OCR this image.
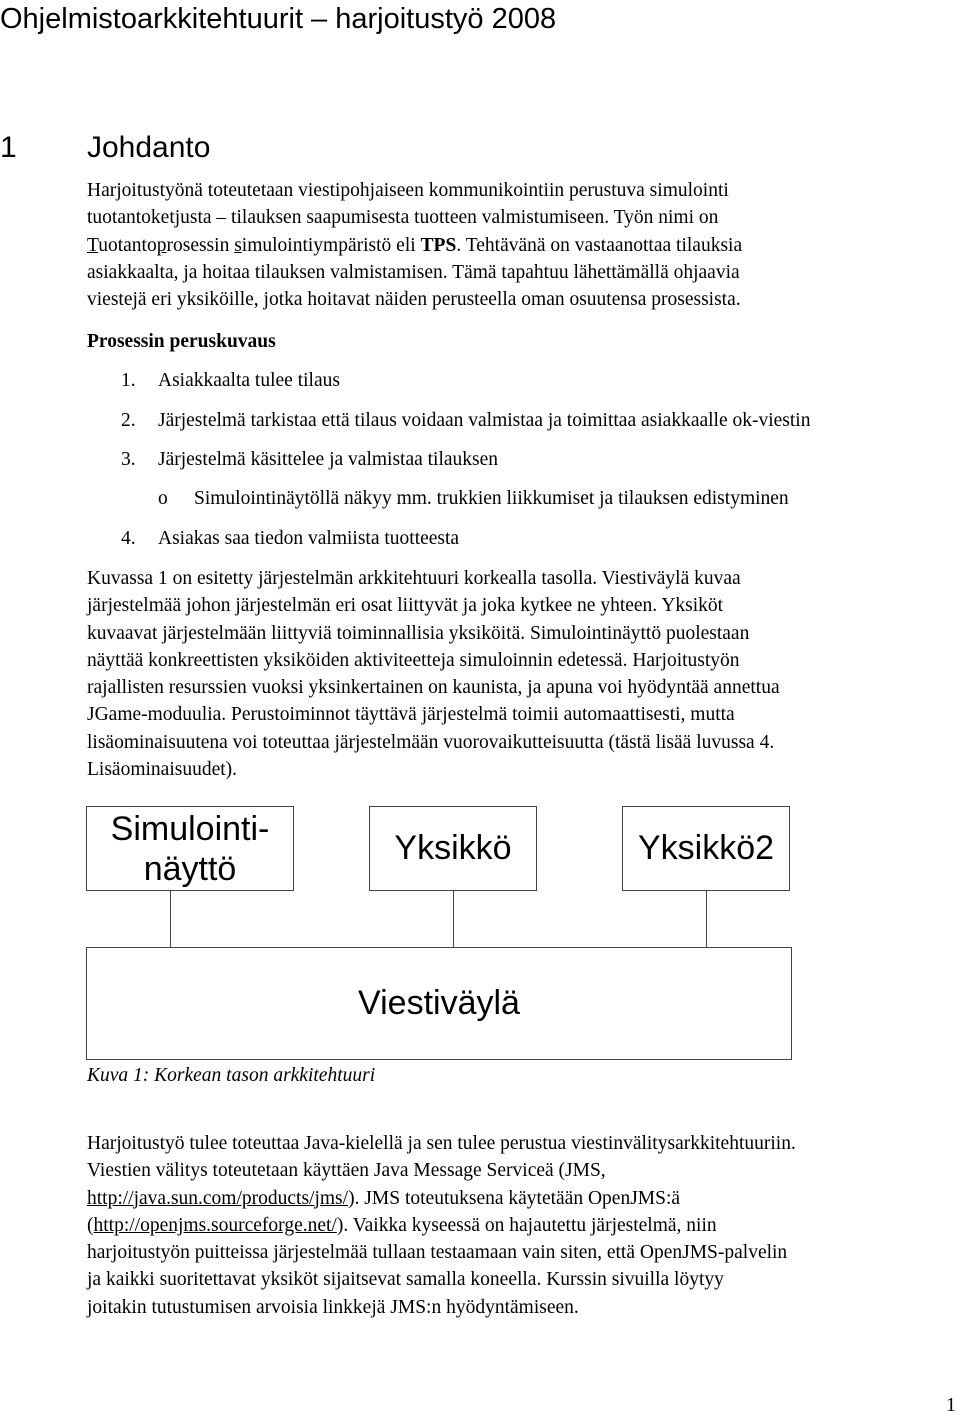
Ohjelmistoarkkitehtuurit – harjoitustyö 2008
1 Johdanto
Harjoitustyönä toteutetaan viestipohjaiseen kommunikointiin perustuva simulointi
tuotantoketjusta – tilauksen saapumisesta tuotteen valmistumiseen. Työn nimi on
Tuotantoprosessin simulointiympäristö eli TPS. Tehtävänä on vastaanottaa tilauksia
asiakkaalta, ja hoitaa tilauksen valmistamisen. Tämä tapahtuu lähettämällä ohjaavia
viestejä eri yksiköille, jotka hoitavat näiden perusteella oman osuutensa prosessista.
Prosessin peruskuvaus
1. Asiakkaalta tulee tilaus
2. Järjestelmä tarkistaa että tilaus voidaan valmistaa ja toimittaa asiakkaalle ok-viestin
3. Järjestelmä käsittelee ja valmistaa tilauksen
o Simulointinäytöllä näkyy mm. trukkien liikkumiset ja tilauksen edistyminen
4. Asiakas saa tiedon valmiista tuotteesta
Kuvassa 1 on esitetty järjestelmän arkkitehtuuri korkealla tasolla. Viestiväylä kuvaa
järjestelmää johon järjestelmän eri osat liittyvät ja joka kytkee ne yhteen. Yksiköt
kuvaavat järjestelmään liittyviä toiminnallisia yksiköitä. Simulointinäyttö puolestaan
näyttää konkreettisten yksiköiden aktiviteetteja simuloinnin edetessä. Harjoitustyön
rajallisten resurssien vuoksi yksinkertainen on kaunista, ja apuna voi hyödyntää annettua
JGame-moduulia. Perustoiminnot täyttävä järjestelmä toimii automaattisesti, mutta
lisäominaisuutena voi toteuttaa järjestelmään vuorovaikutteisuutta (tästä lisää luvussa 4.
Lisäominaisuudet).
Simulointi-
näyttö
Yksikkö	Yksikkö2
Viestiväylä
Kuva 1: Korkean tason arkkitehtuuri
Harjoitustyö tulee toteuttaa Java-kielellä ja sen tulee perustua viestinvälitysarkkitehtuuriin.
Viestien välitys toteutetaan käyttäen Java Message Serviceä (JMS,
http://java.sun.com/products/jms/). JMS toteutuksena käytetään OpenJMS:ä
(http://openjms.sourceforge.net/). Vaikka kyseessä on hajautettu järjestelmä, niin
harjoitustyön puitteissa järjestelmää tullaan testaamaan vain siten, että OpenJMS-palvelin
ja kaikki suoritettavat yksiköt sijaitsevat samalla koneella. Kurssin sivuilla löytyy
joitakin tutustumisen arvoisia linkkejä JMS:n hyödyntämiseen.
1
